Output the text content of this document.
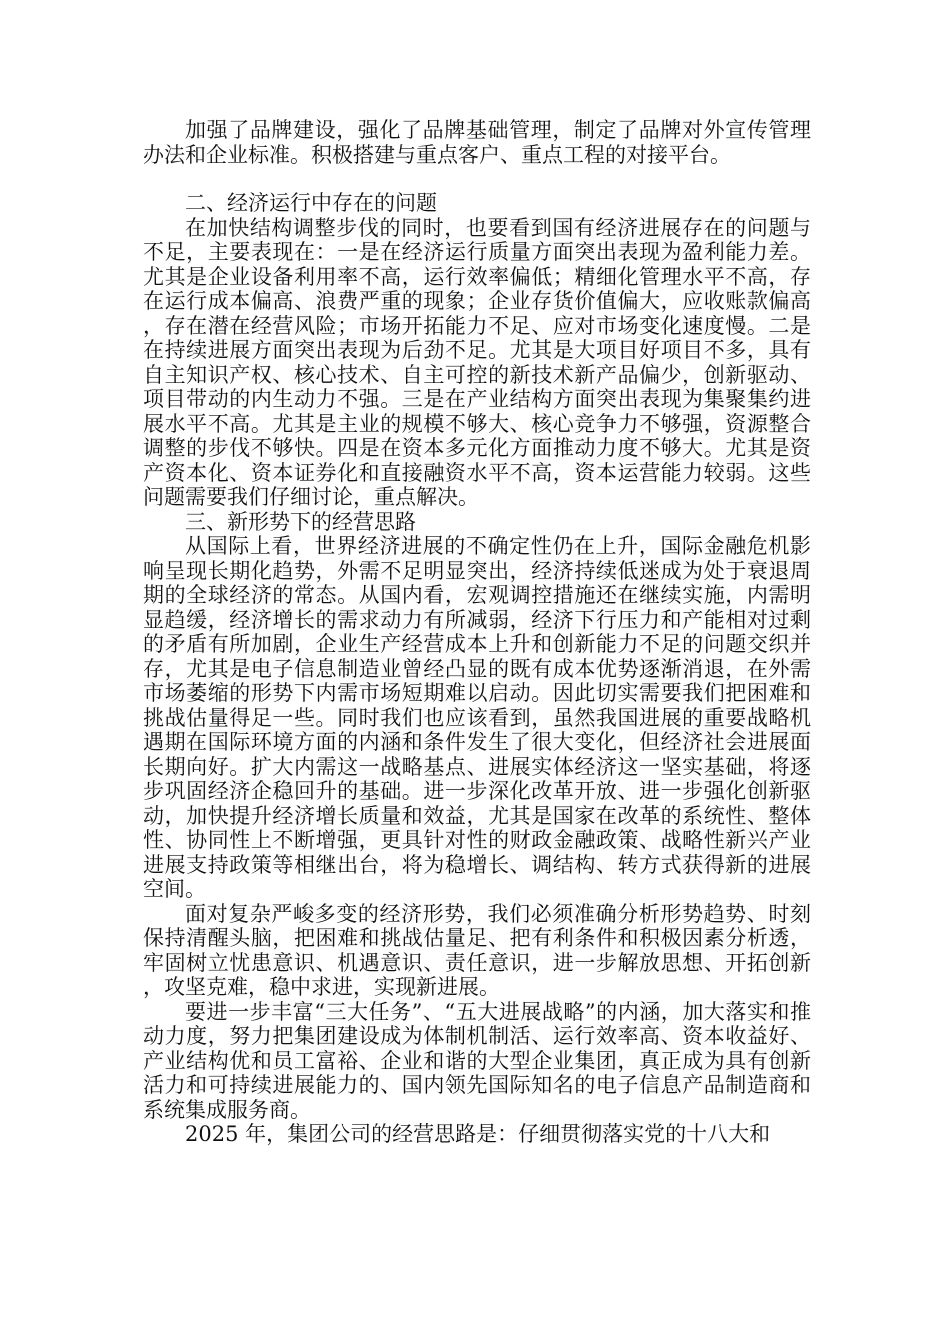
加强了品牌建设，强化了品牌基础管理，制定了品牌对外宣传管理办法和企业标准。积极搭建与重点客户、重点工程的对接平台。

二、经济运行中存在的问题

在加快结构调整步伐的同时，也要看到国有经济进展存在的问题与不足，主要表现在：一是在经济运行质量方面突出表现为盈利能力差。尤其是企业设备利用率不高，运行效率偏低；精细化管理水平不高，存在运行成本偏高、浪费严重的现象；企业存货价值偏大，应收账款偏高，存在潜在经营风险；市场开拓能力不足、应对市场变化速度慢。二是在持续进展方面突出表现为后劲不足。尤其是大项目好项目不多，具有自主知识产权、核心技术、自主可控的新技术新产品偏少，创新驱动、项目带动的内生动力不强。三是在产业结构方面突出表现为集聚集约进展水平不高。尤其是主业的规模不够大、核心竞争力不够强，资源整合调整的步伐不够快。四是在资本多元化方面推动力度不够大。尤其是资产资本化、资本证券化和直接融资水平不高，资本运营能力较弱。这些问题需要我们仔细讨论，重点解决。

三、新形势下的经营思路

从国际上看，世界经济进展的不确定性仍在上升，国际金融危机影响呈现长期化趋势，外需不足明显突出，经济持续低迷成为处于衰退周期的全球经济的常态。从国内看，宏观调控措施还在继续实施，内需明显趋缓，经济增长的需求动力有所减弱，经济下行压力和产能相对过剩的矛盾有所加剧，企业生产经营成本上升和创新能力不足的问题交织并存，尤其是电子信息制造业曾经凸显的既有成本优势逐渐消退，在外需市场萎缩的形势下内需市场短期难以启动。因此切实需要我们把困难和挑战估量得足一些。同时我们也应该看到，虽然我国进展的重要战略机遇期在国际环境方面的内涵和条件发生了很大变化，但经济社会进展面长期向好。扩大内需这一战略基点、进展实体经济这一坚实基础，将逐步巩固经济企稳回升的基础。进一步深化改革开放、进一步强化创新驱动，加快提升经济增长质量和效益，尤其是国家在改革的系统性、整体性、协同性上不断增强，更具针对性的财政金融政策、战略性新兴产业进展支持政策等相继出台，将为稳增长、调结构、转方式获得新的进展空间。

面对复杂严峻多变的经济形势，我们必须准确分析形势趋势、时刻保持清醒头脑，把困难和挑战估量足、把有利条件和积极因素分析透，牢固树立忧患意识、机遇意识、责任意识，进一步解放思想、开拓创新，攻坚克难，稳中求进，实现新进展。

要进一步丰富“三大任务”、“五大进展战略”的内涵，加大落实和推动力度，努力把集团建设成为体制机制活、运行效率高、资本收益好、产业结构优和员工富裕、企业和谐的大型企业集团，真正成为具有创新活力和可持续进展能力的、国内领先国际知名的电子信息产品制造商和系统集成服务商。

2025 年，集团公司的经营思路是：仔细贯彻落实党的十八大和
